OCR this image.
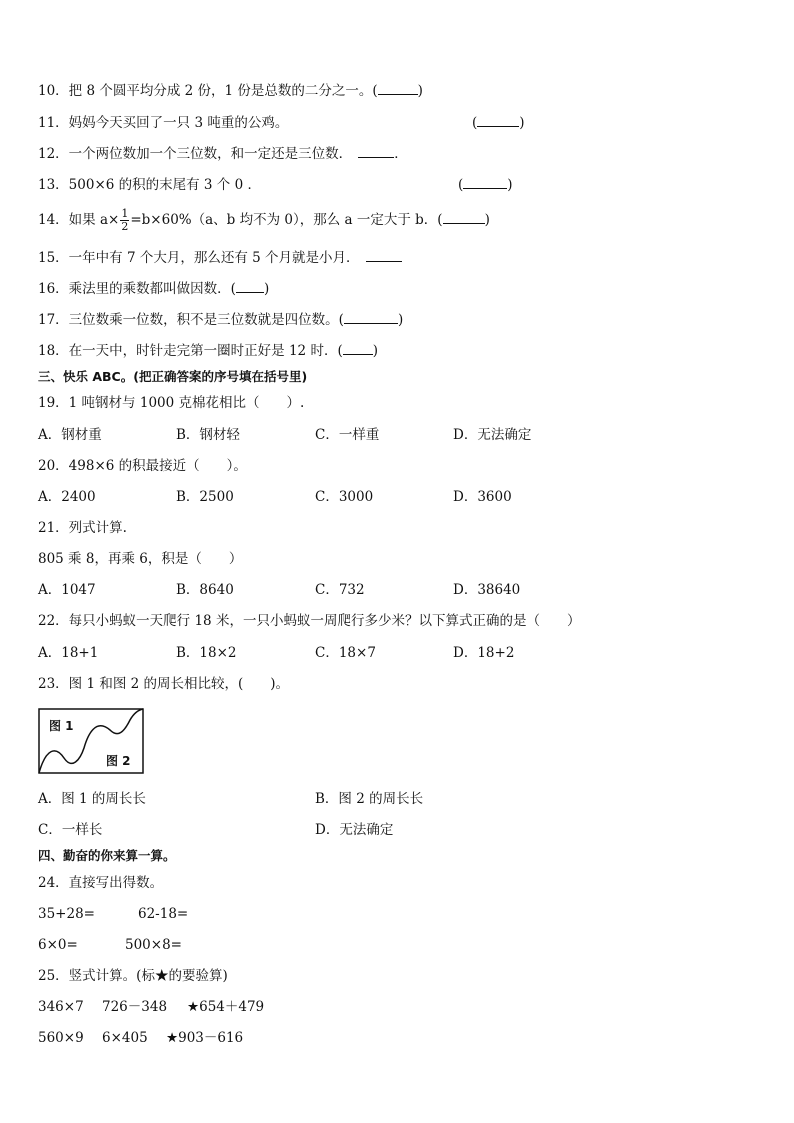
10．把 8 个圆平均分成 2 份，1 份是总数的二分之一。(	)
11．妈妈今天买回了一只 3 吨重的公鸡。	(	)
12．一个两位数加一个三位数，和一定还是三位数．	．
13．500×6 的积的末尾有 3 个 0 ．	(	)
14．如果 $a\times \frac{1}{2} =b\times 60\%(a$、b 均不为 0），那么 a 一定大于 b．(	)
15．一年中有 7 个大月，那么还有 5 个月就是小月．
16．乘法里的乘数都叫做因数．( )
17．三位数乘一位数，积不是三位数就是四位数。(	)
18．在一天中，时针走完第一圈时正好是 12 时．( )
三、快乐 ABC。(把正确答案的序号填在括号里)
19．1 吨钢材与 1000 克棉花相比（　　）.
A．钢材重	B．钢材轻	C．一样重	D．无法确定
20．498×6 的积最接近（　　）。
A．2400	B．2500	C．3000	D．3600
21．列式计算.
805 乘 8，再乘 6，积是（　　）
A．1047	B．8640	C．732	D．38640
22．每只小蚂蚁一天爬行 18 米，一只小蚂蚁一周爬行多少米？以下算式正确的是（　　）
A．18+1	B．18×2	C．18×7	D．18+2
23．图 1 和图 2 的周长相比较，(　　)。
图 1
图 2
A．图 1 的周长长	B．图 2 的周长长
C．一样长	D．无法确定
四、勤奋的你来算一算。
24．直接写出得数。
35+28=	62-18=
6×0=	500×8=
25．竖式计算。(标★的要验算)
346×7 726－348 ★654＋479
560×9 6×405 ★903－616
